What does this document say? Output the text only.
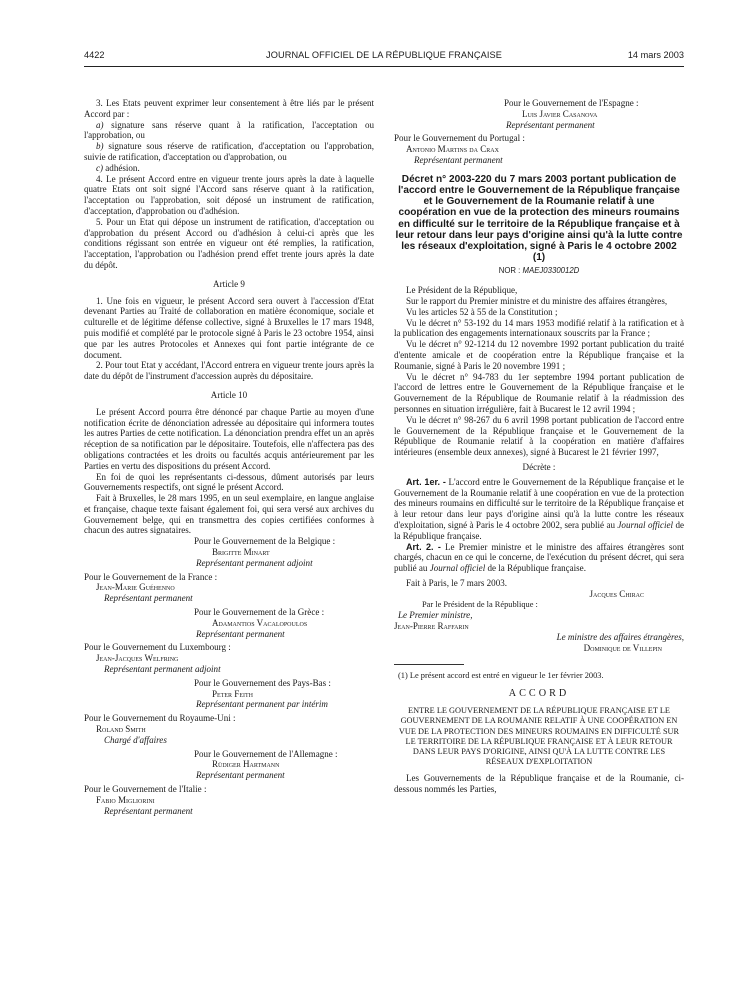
4422	JOURNAL OFFICIEL DE LA RÉPUBLIQUE FRANÇAISE	14 mars 2003

3. Les Etats peuvent exprimer leur consentement à être liés par le présent Accord par :

a) signature sans réserve quant à la ratification, l'acceptation ou l'approbation, ou

b) signature sous réserve de ratification, d'acceptation ou l'approbation, suivie de ratification, d'acceptation ou d'approbation, ou

c) adhésion.

4. Le présent Accord entre en vigueur trente jours après la date à laquelle quatre Etats ont soit signé l'Accord sans réserve quant à la ratification, l'acceptation ou l'approbation, soit déposé un instrument de ratification, d'acceptation, d'approbation ou d'adhésion.

5. Pour un Etat qui dépose un instrument de ratification, d'acceptation ou d'approbation du présent Accord ou d'adhésion à celui-ci après que les conditions régissant son entrée en vigueur ont été remplies, la ratification, l'acceptation, l'approbation ou l'adhésion prend effet trente jours après la date du dépôt.

Article 9

1. Une fois en vigueur, le présent Accord sera ouvert à l'accession d'Etat devenant Parties au Traité de collaboration en matière économique, sociale et culturelle et de légitime défense collective, signé à Bruxelles le 17 mars 1948, puis modifié et complété par le protocole signé à Paris le 23 octobre 1954, ainsi que par les autres Protocoles et Annexes qui font partie intégrante de ce document.

2. Pour tout Etat y accédant, l'Accord entrera en vigueur trente jours après la date du dépôt de l'instrument d'accession auprès du dépositaire.

Article 10

Le présent Accord pourra être dénoncé par chaque Partie au moyen d'une notification écrite de dénonciation adressée au dépositaire qui informera toutes les autres Parties de cette notification. La dénonciation prendra effet un an après réception de sa notification par le dépositaire. Toutefois, elle n'affectera pas des obligations contractées et les droits ou facultés acquis antérieurement par les Parties en vertu des dispositions du présent Accord.

En foi de quoi les représentants ci-dessous, dûment autorisés par leurs Gouvernements respectifs, ont signé le présent Accord.

Fait à Bruxelles, le 28 mars 1995, en un seul exemplaire, en langue anglaise et française, chaque texte faisant également foi, qui sera versé aux archives du Gouvernement belge, qui en transmettra des copies certifiées conformes à chacun des autres signataires.

Pour le Gouvernement de la Belgique :
Brigitte Minart
Représentant permanent adjoint
Pour le Gouvernement de la France :
Jean-Marie Guéhenno
Représentant permanent
Pour le Gouvernement de la Grèce :
Adamantios Vacalopoulos
Représentant permanent
Pour le Gouvernement du Luxembourg :
Jean-Jacques Welfring
Représentant permanent adjoint
Pour le Gouvernement des Pays-Bas :
Peter Feith
Représentant permanent par intérim
Pour le Gouvernement du Royaume-Uni :
Roland Smith
Chargé d'affaires
Pour le Gouvernement de l'Allemagne :
Rüdiger Hartmann
Représentant permanent
Pour le Gouvernement de l'Italie :
Fabio Migliorini
Représentant permanent
Pour le Gouvernement de l'Espagne :
Luis Javier Casanova
Représentant permanent
Pour le Gouvernement du Portugal :
Antonio Martins da Crax
Représentant permanent

Décret n° 2003-220 du 7 mars 2003 portant publication de l'accord entre le Gouvernement de la République française et le Gouvernement de la Roumanie relatif à une coopération en vue de la protection des mineurs roumains en difficulté sur le territoire de la République française et à leur retour dans leur pays d'origine ainsi qu'à la lutte contre les réseaux d'exploitation, signé à Paris le 4 octobre 2002 (1)

NOR : MAEJ0330012D

Le Président de la République,

Sur le rapport du Premier ministre et du ministre des affaires étrangères,

Vu les articles 52 à 55 de la Constitution ;

Vu le décret n° 53-192 du 14 mars 1953 modifié relatif à la ratification et à la publication des engagements internationaux souscrits par la France ;

Vu le décret n° 92-1214 du 12 novembre 1992 portant publication du traité d'entente amicale et de coopération entre la République française et la Roumanie, signé à Paris le 20 novembre 1991 ;

Vu le décret n° 94-783 du 1er septembre 1994 portant publication de l'accord de lettres entre le Gouvernement de la République française et le Gouvernement de la République de Roumanie relatif à la réadmission des personnes en situation irrégulière, fait à Bucarest le 12 avril 1994 ;

Vu le décret n° 98-267 du 6 avril 1998 portant publication de l'accord entre le Gouvernement de la République française et le Gouvernement de la République de Roumanie relatif à la coopération en matière d'affaires intérieures (ensemble deux annexes), signé à Bucarest le 21 février 1997,

Décrète :

Art. 1er. - L'accord entre le Gouvernement de la République française et le Gouvernement de la Roumanie relatif à une coopération en vue de la protection des mineurs roumains en difficulté sur le territoire de la République française et à leur retour dans leur pays d'origine ainsi qu'à la lutte contre les réseaux d'exploitation, signé à Paris le 4 octobre 2002, sera publié au Journal officiel de la République française.

Art. 2. - Le Premier ministre et le ministre des affaires étrangères sont chargés, chacun en ce qui le concerne, de l'exécution du présent décret, qui sera publié au Journal officiel de la République française.

Fait à Paris, le 7 mars 2003.

Jacques Chirac

Par le Président de la République :

Le Premier ministre,

Jean-Pierre Raffarin

Le ministre des affaires étrangères,

Dominique de Villepin

(1) Le présent accord est entré en vigueur le 1er février 2003.

ACCORD

ENTRE LE GOUVERNEMENT DE LA RÉPUBLIQUE FRANÇAISE ET LE GOUVERNEMENT DE LA ROUMANIE RELATIF À UNE COOPÉRATION EN VUE DE LA PROTECTION DES MINEURS ROUMAINS EN DIFFICULTÉ SUR LE TERRITOIRE DE LA RÉPUBLIQUE FRANÇAISE ET À LEUR RETOUR DANS LEUR PAYS D'ORIGINE, AINSI QU'À LA LUTTE CONTRE LES RÉSEAUX D'EXPLOITATION

Les Gouvernements de la République française et de la Roumanie, ci-dessous nommés les Parties,
